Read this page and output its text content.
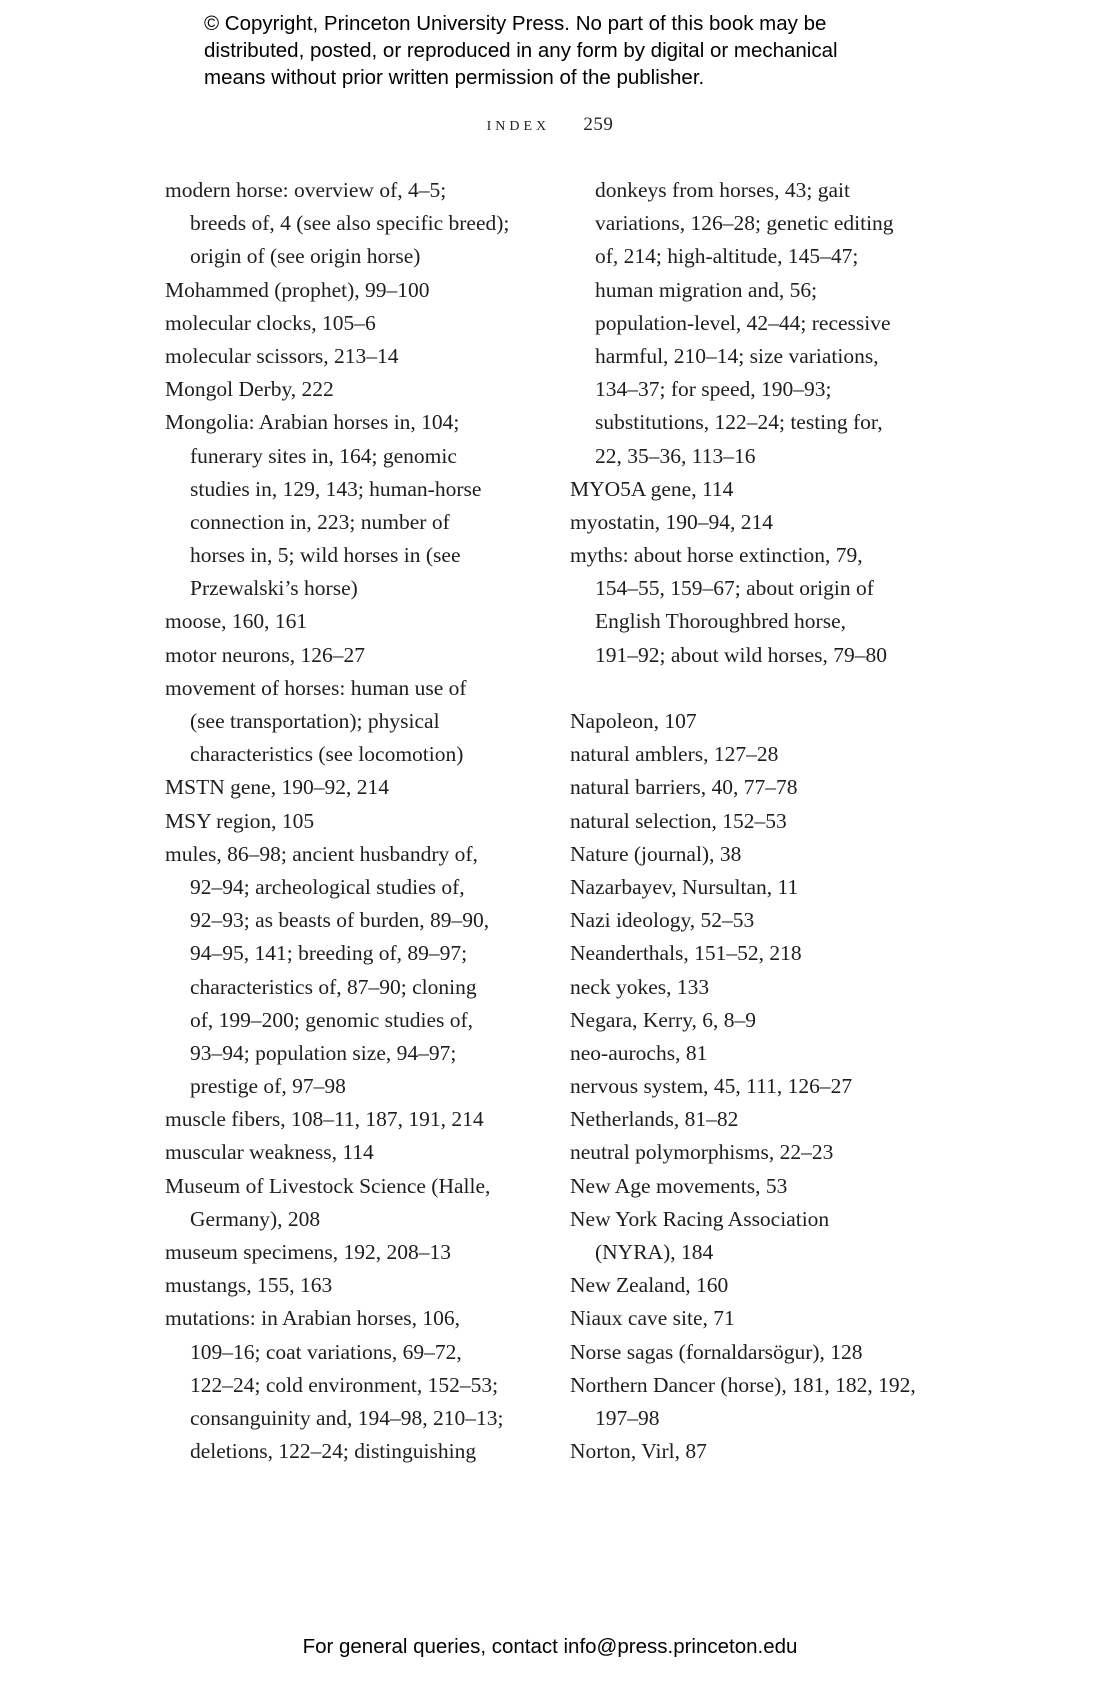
© Copyright, Princeton University Press. No part of this book may be
distributed, posted, or reproduced in any form by digital or mechanical
means without prior written permission of the publisher.
INDEX 259
modern horse: overview of, 4–5;
breeds of, 4 (see also specific breed);
origin of (see origin horse)
Mohammed (prophet), 99–100
molecular clocks, 105–6
molecular scissors, 213–14
Mongol Derby, 222
Mongolia: Arabian horses in, 104;
funerary sites in, 164; genomic
studies in, 129, 143; human-horse
connection in, 223; number of
horses in, 5; wild horses in (see
Przewalski’s horse)
moose, 160, 161
motor neurons, 126–27
movement of horses: human use of
(see transportation); physical
characteristics (see locomotion)
MSTN gene, 190–92, 214
MSY region, 105
mules, 86–98; ancient husbandry of,
92–94; archeological studies of,
92–93; as beasts of burden, 89–90,
94–95, 141; breeding of, 89–97;
characteristics of, 87–90; cloning
of, 199–200; genomic studies of,
93–94; population size, 94–97;
prestige of, 97–98
muscle fibers, 108–11, 187, 191, 214
muscular weakness, 114
Museum of Livestock Science (Halle,
Germany), 208
museum specimens, 192, 208–13
mustangs, 155, 163
mutations: in Arabian horses, 106,
109–16; coat variations, 69–72,
122–24; cold environment, 152–53;
consanguinity and, 194–98, 210–13;
deletions, 122–24; distinguishing
donkeys from horses, 43; gait
variations, 126–28; genetic editing
of, 214; high-altitude, 145–47;
human migration and, 56;
population-level, 42–44; recessive
harmful, 210–14; size variations,
134–37; for speed, 190–93;
substitutions, 122–24; testing for,
22, 35–36, 113–16
MYO5A gene, 114
myostatin, 190–94, 214
myths: about horse extinction, 79,
154–55, 159–67; about origin of
English Thoroughbred horse,
191–92; about wild horses, 79–80
Napoleon, 107
natural amblers, 127–28
natural barriers, 40, 77–78
natural selection, 152–53
Nature (journal), 38
Nazarbayev, Nursultan, 11
Nazi ideology, 52–53
Neanderthals, 151–52, 218
neck yokes, 133
Negara, Kerry, 6, 8–9
neo-aurochs, 81
nervous system, 45, 111, 126–27
Netherlands, 81–82
neutral polymorphisms, 22–23
New Age movements, 53
New York Racing Association
(NYRA), 184
New Zealand, 160
Niaux cave site, 71
Norse sagas (fornaldarsögur), 128
Northern Dancer (horse), 181, 182, 192,
197–98
Norton, Virl, 87
For general queries, contact info@press.princeton.edu
